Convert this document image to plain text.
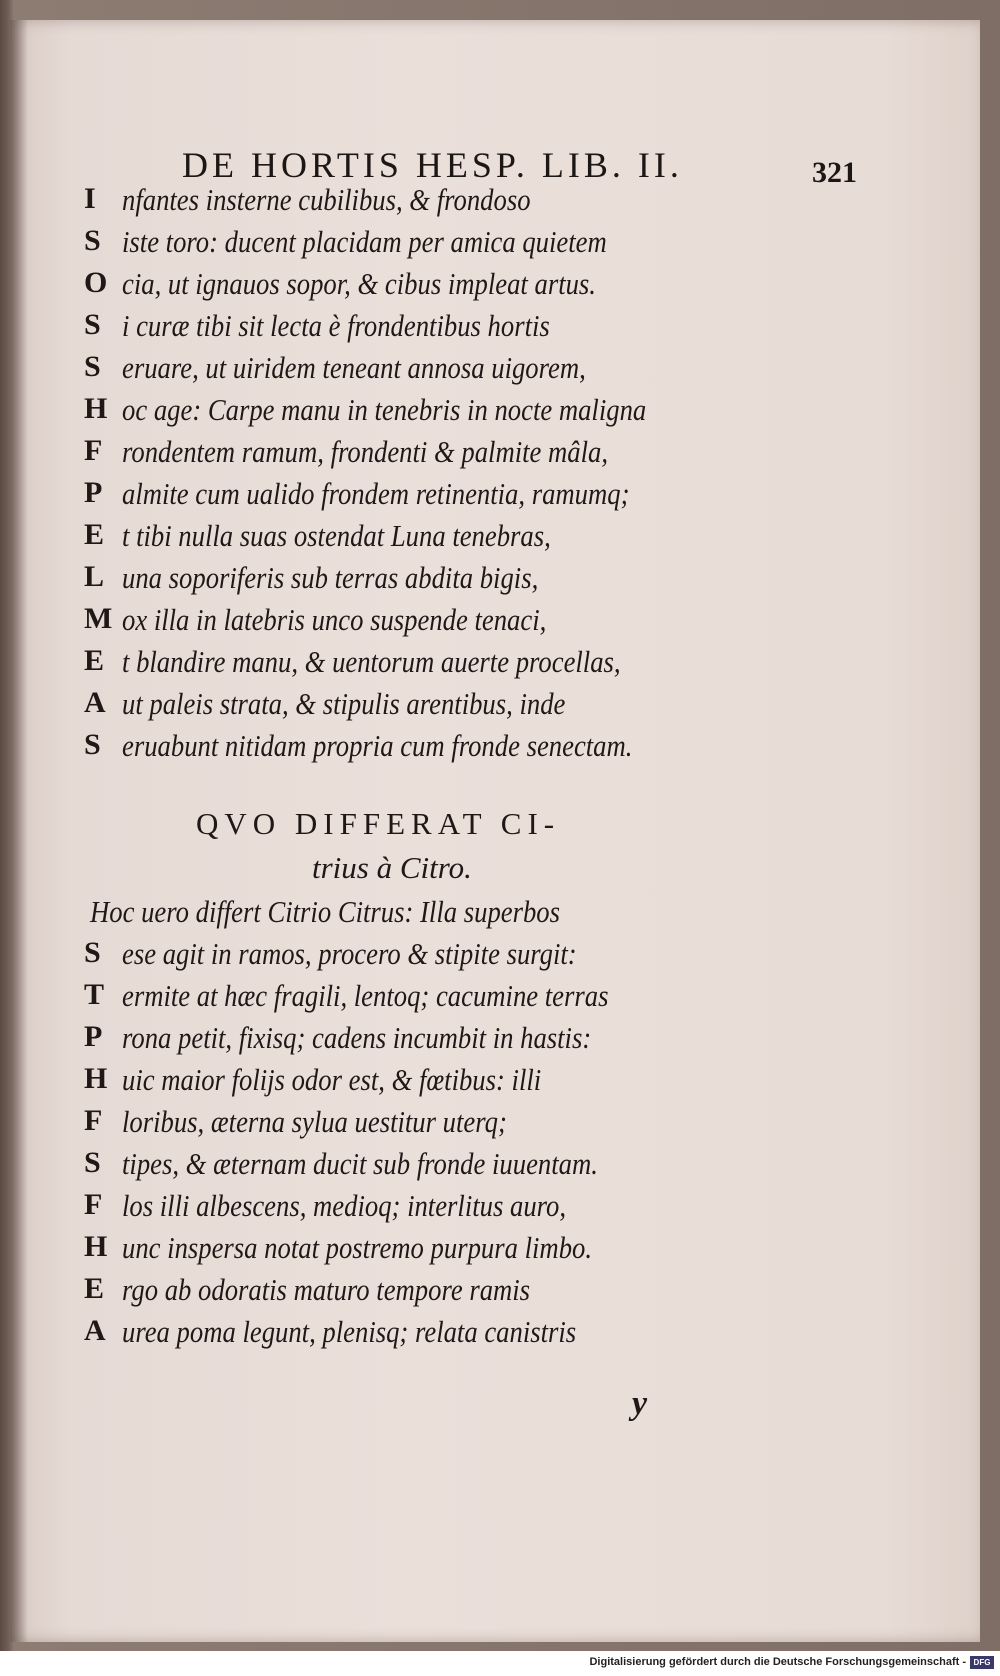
DE HORTIS HESP. LIB. II.	321
I nfantes insterne cubilibus, & frondoso
S iste toro: ducent placidam per amica quietem
O cia, ut ignauos sopor, & cibus impleat artus.
S i curæ tibi sit lecta è frondentibus hortis
S eruare, ut uiridem teneant annosa uigorem,
H oc age: Carpe manu in tenebris in nocte maligna
F rondentem ramum, frondenti & palmite mâla,
P almite cum ualido frondem retinentia, ramumq;
E t tibi nulla suas ostendat Luna tenebras,
L una soporiferis sub terras abdita bigis,
M ox illa in latebris unco suspende tenaci,
E t blandire manu, & uentorum auerte procellas,
A ut paleis strata, & stipulis arentibus, inde
S eruabunt nitidam propria cum fronde senectam.
QVO DIFFERAT CI-
trius à Citro.
Hoc uero differt Citrio Citrus: Illa superbos
S ese agit in ramos, procero & stipite surgit:
T ermite at hæc fragili, lentoq; cacumine terras
P rona petit, fixisq; cadens incumbit in hastis:
H uic maior folijs odor est, & fœtibus: illi
F loribus, æterna sylua uestitur uterq;
S tipes, & æternam ducit sub fronde iuuentam.
F los illi albescens, medioq; interlitus auro,
H unc inspersa notat postremo purpura limbo.
E rgo ab odoratis maturo tempore ramis
A urea poma legunt, plenisq; relata canistris
y
Digitalisierung gefördert durch die Deutsche Forschungsgemeinschaft - DFG
